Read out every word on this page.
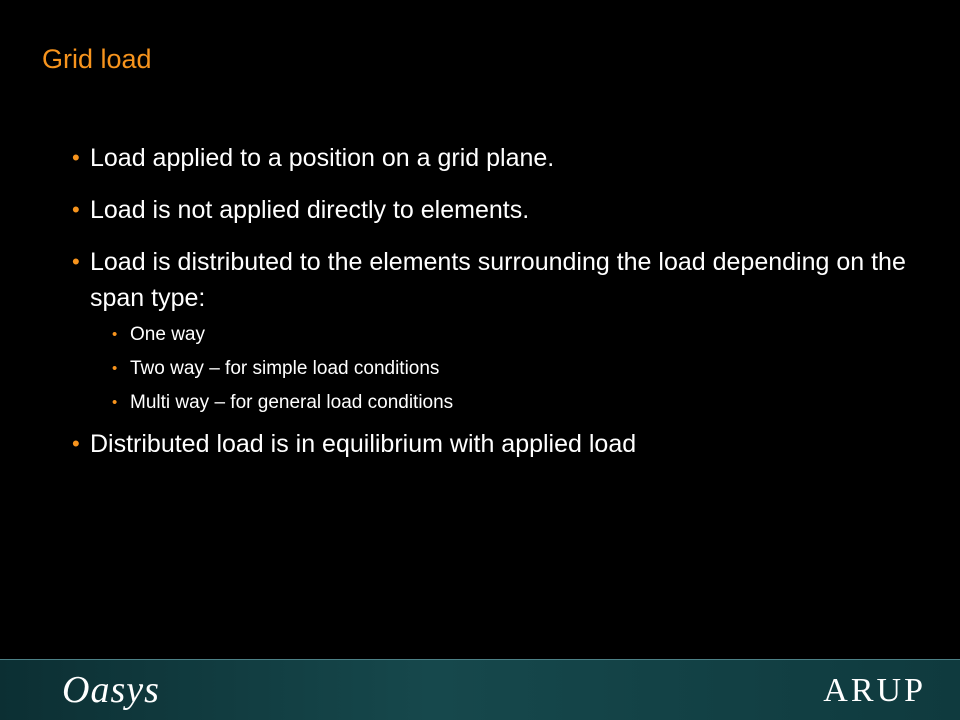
Grid load
• Load applied to a position on a grid plane.
• Load is not applied directly to elements.
• Load is distributed to the elements surrounding the load depending on the span type:
• One way
• Two way – for simple load conditions
• Multi way – for general load conditions
• Distributed load is in equilibrium with applied load
Oasys	ARUP
